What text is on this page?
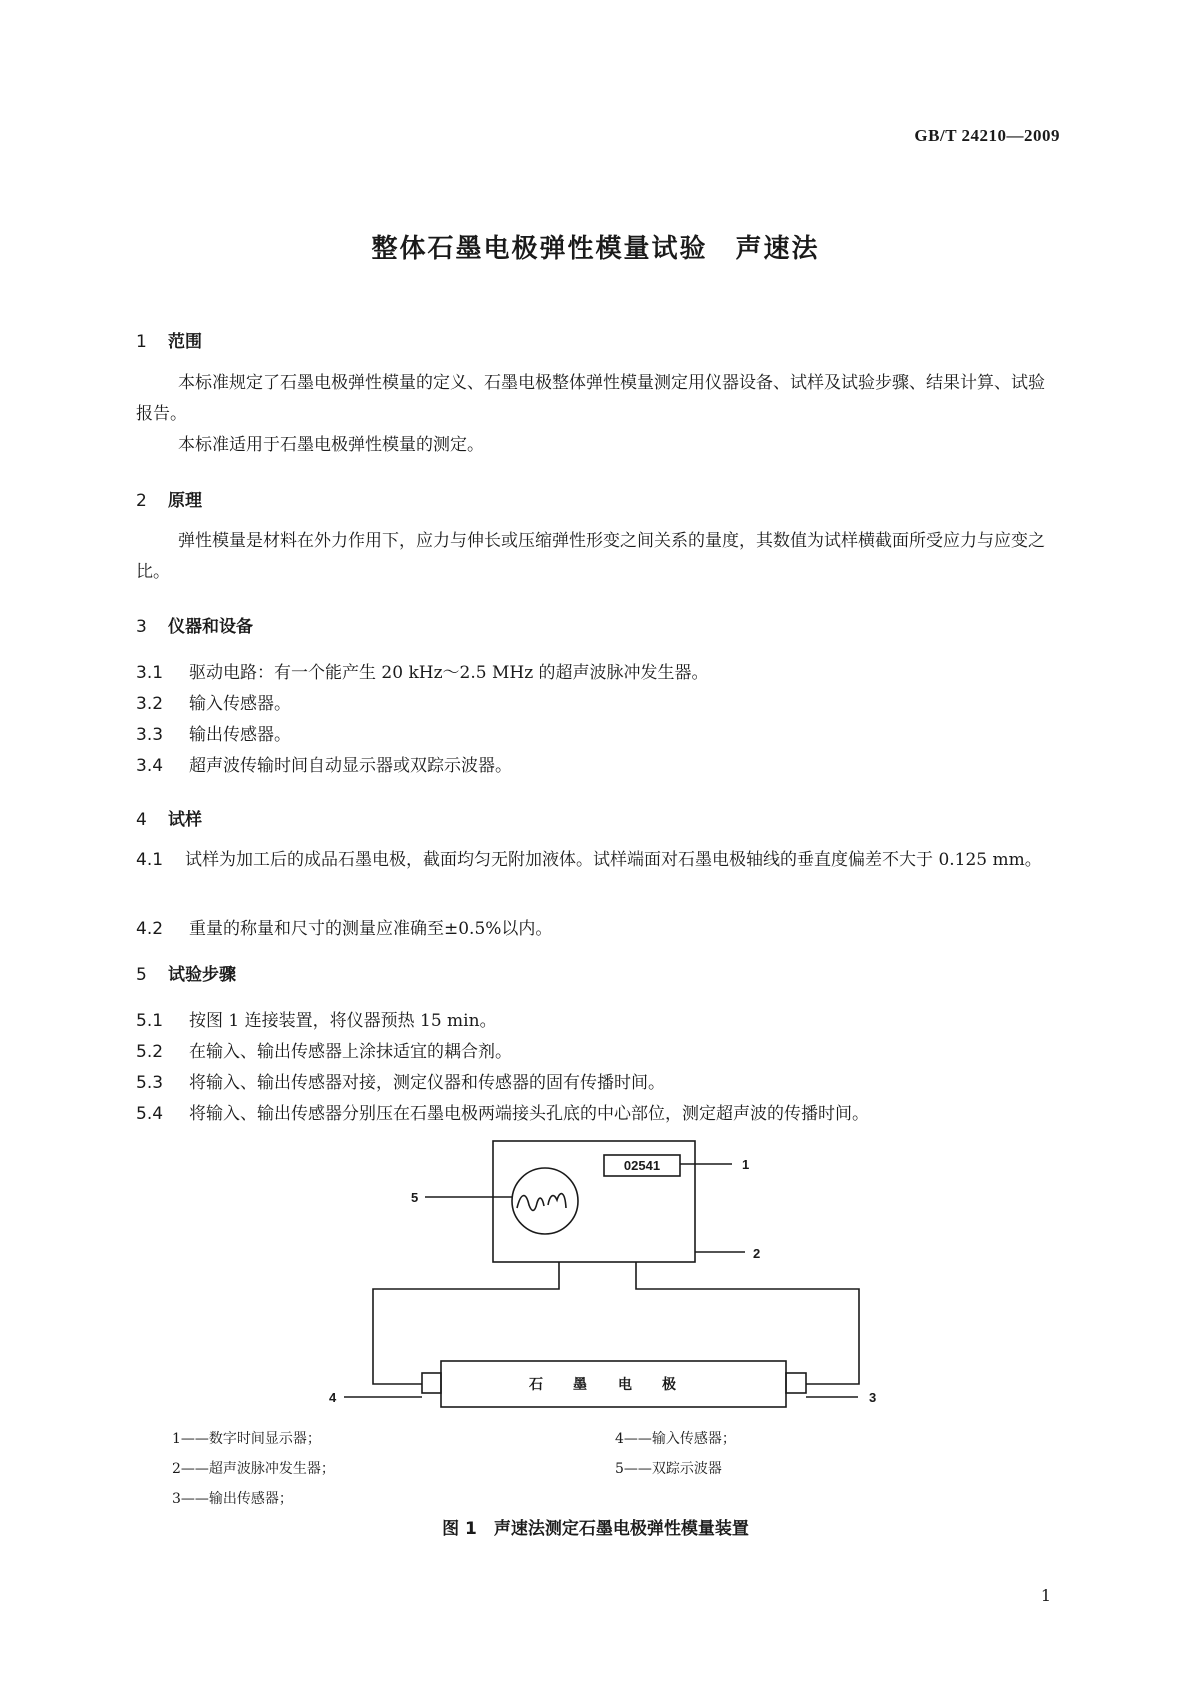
GB/T 24210—2009
整体石墨电极弹性模量试验　声速法
1 范围
本标准规定了石墨电极弹性模量的定义、石墨电极整体弹性模量测定用仪器设备、试样及试验步骤、结果计算、试验报告。
本标准适用于石墨电极弹性模量的测定。
2 原理
弹性模量是材料在外力作用下，应力与伸长或压缩弹性形变之间关系的量度，其数值为试样横截面所受应力与应变之比。
3 仪器和设备
3.1 驱动电路：有一个能产生 20 kHz～2.5 MHz 的超声波脉冲发生器。
3.2 输入传感器。
3.3 输出传感器。
3.4 超声波传输时间自动显示器或双踪示波器。
4 试样
4.1 试样为加工后的成品石墨电极，截面均匀无附加液体。试样端面对石墨电极轴线的垂直度偏差不大于 0.125 mm。
4.2 重量的称量和尺寸的测量应准确至±0.5%以内。
5 试验步骤
5.1 按图 1 连接装置，将仪器预热 15 min。
5.2 在输入、输出传感器上涂抹适宜的耦合剂。
5.3 将输入、输出传感器对接，测定仪器和传感器的固有传播时间。
5.4 将输入、输出传感器分别压在石墨电极两端接头孔底的中心部位，测定超声波的传播时间。
02541	1
2
3
4
5
石 墨 电 极
1——数字时间显示器；
2——超声波脉冲发生器；
3——输出传感器；
4——输入传感器；
5——双踪示波器
图 1　声速法测定石墨电极弹性模量装置
1
